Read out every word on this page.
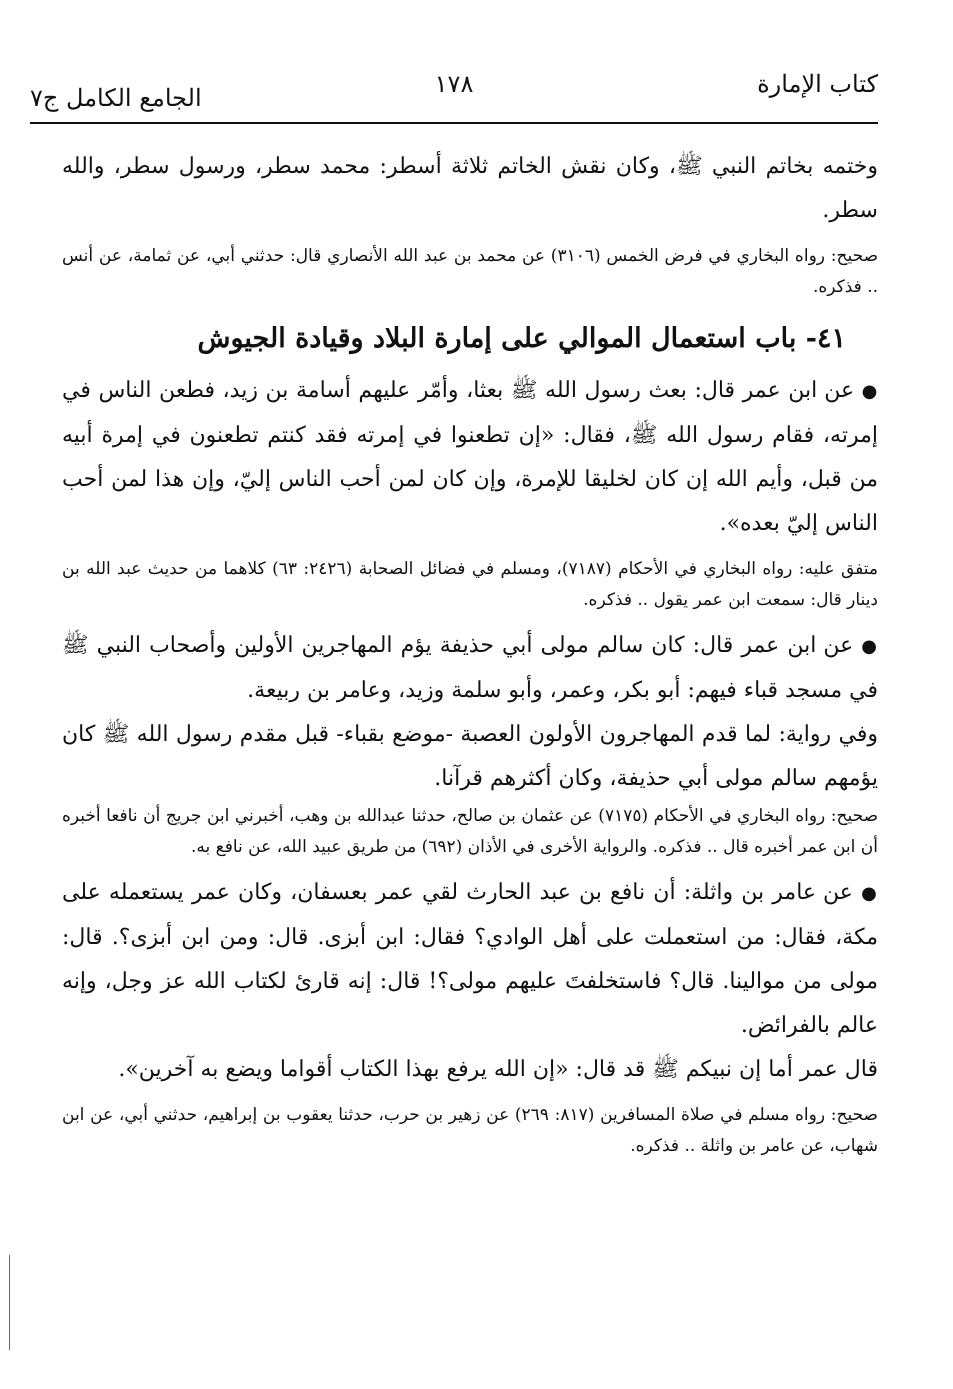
كتاب الإمارة
١٧٨
الجامع الكامل ج٧

وختمه بخاتم النبي ﷺ، وكان نقش الخاتم ثلاثة أسطر: محمد سطر، ورسول سطر، والله سطر.

صحيح: رواه البخاري في فرض الخمس (٣١٠٦) عن محمد بن عبد الله الأنصاري قال: حدثني أبي، عن ثمامة، عن أنس .. فذكره.

٤١- باب استعمال الموالي على إمارة البلاد وقيادة الجيوش

● عن ابن عمر قال: بعث رسول الله ﷺ بعثا، وأمّر عليهم أسامة بن زيد، فطعن الناس في إمرته، فقام رسول الله ﷺ، فقال: «إن تطعنوا في إمرته فقد كنتم تطعنون في إمرة أبيه من قبل، وأيم الله إن كان لخليقا للإمرة، وإن كان لمن أحب الناس إليّ، وإن هذا لمن أحب الناس إليّ بعده».

متفق عليه: رواه البخاري في الأحكام (٧١٨٧)، ومسلم في فضائل الصحابة (٢٤٢٦: ٦٣) كلاهما من حديث عبد الله بن دينار قال: سمعت ابن عمر يقول .. فذكره.

● عن ابن عمر قال: كان سالم مولى أبي حذيفة يؤم المهاجرين الأولين وأصحاب النبي ﷺ في مسجد قباء فيهم: أبو بكر، وعمر، وأبو سلمة وزيد، وعامر بن ربيعة.

وفي رواية: لما قدم المهاجرون الأولون العصبة -موضع بقباء- قبل مقدم رسول الله ﷺ كان يؤمهم سالم مولى أبي حذيفة، وكان أكثرهم قرآنا.

صحيح: رواه البخاري في الأحكام (٧١٧٥) عن عثمان بن صالح، حدثنا عبدالله بن وهب، أخبرني ابن جريج أن نافعا أخبره أن ابن عمر أخبره قال .. فذكره. والرواية الأخرى في الأذان (٦٩٢) من طريق عبيد الله، عن نافع به.

● عن عامر بن واثلة: أن نافع بن عبد الحارث لقي عمر بعسفان، وكان عمر يستعمله على مكة، فقال: من استعملت على أهل الوادي؟ فقال: ابن أبزى. قال: ومن ابن أبزى؟. قال: مولى من موالينا. قال؟ فاستخلفتَ عليهم مولى؟! قال: إنه قارئ لكتاب الله عز وجل، وإنه عالم بالفرائض.

قال عمر أما إن نبيكم ﷺ قد قال: «إن الله يرفع بهذا الكتاب أقواما ويضع به آخرين».

صحيح: رواه مسلم في صلاة المسافرين (٨١٧: ٢٦٩) عن زهير بن حرب، حدثنا يعقوب بن إبراهيم، حدثني أبي، عن ابن شهاب، عن عامر بن واثلة .. فذكره.
